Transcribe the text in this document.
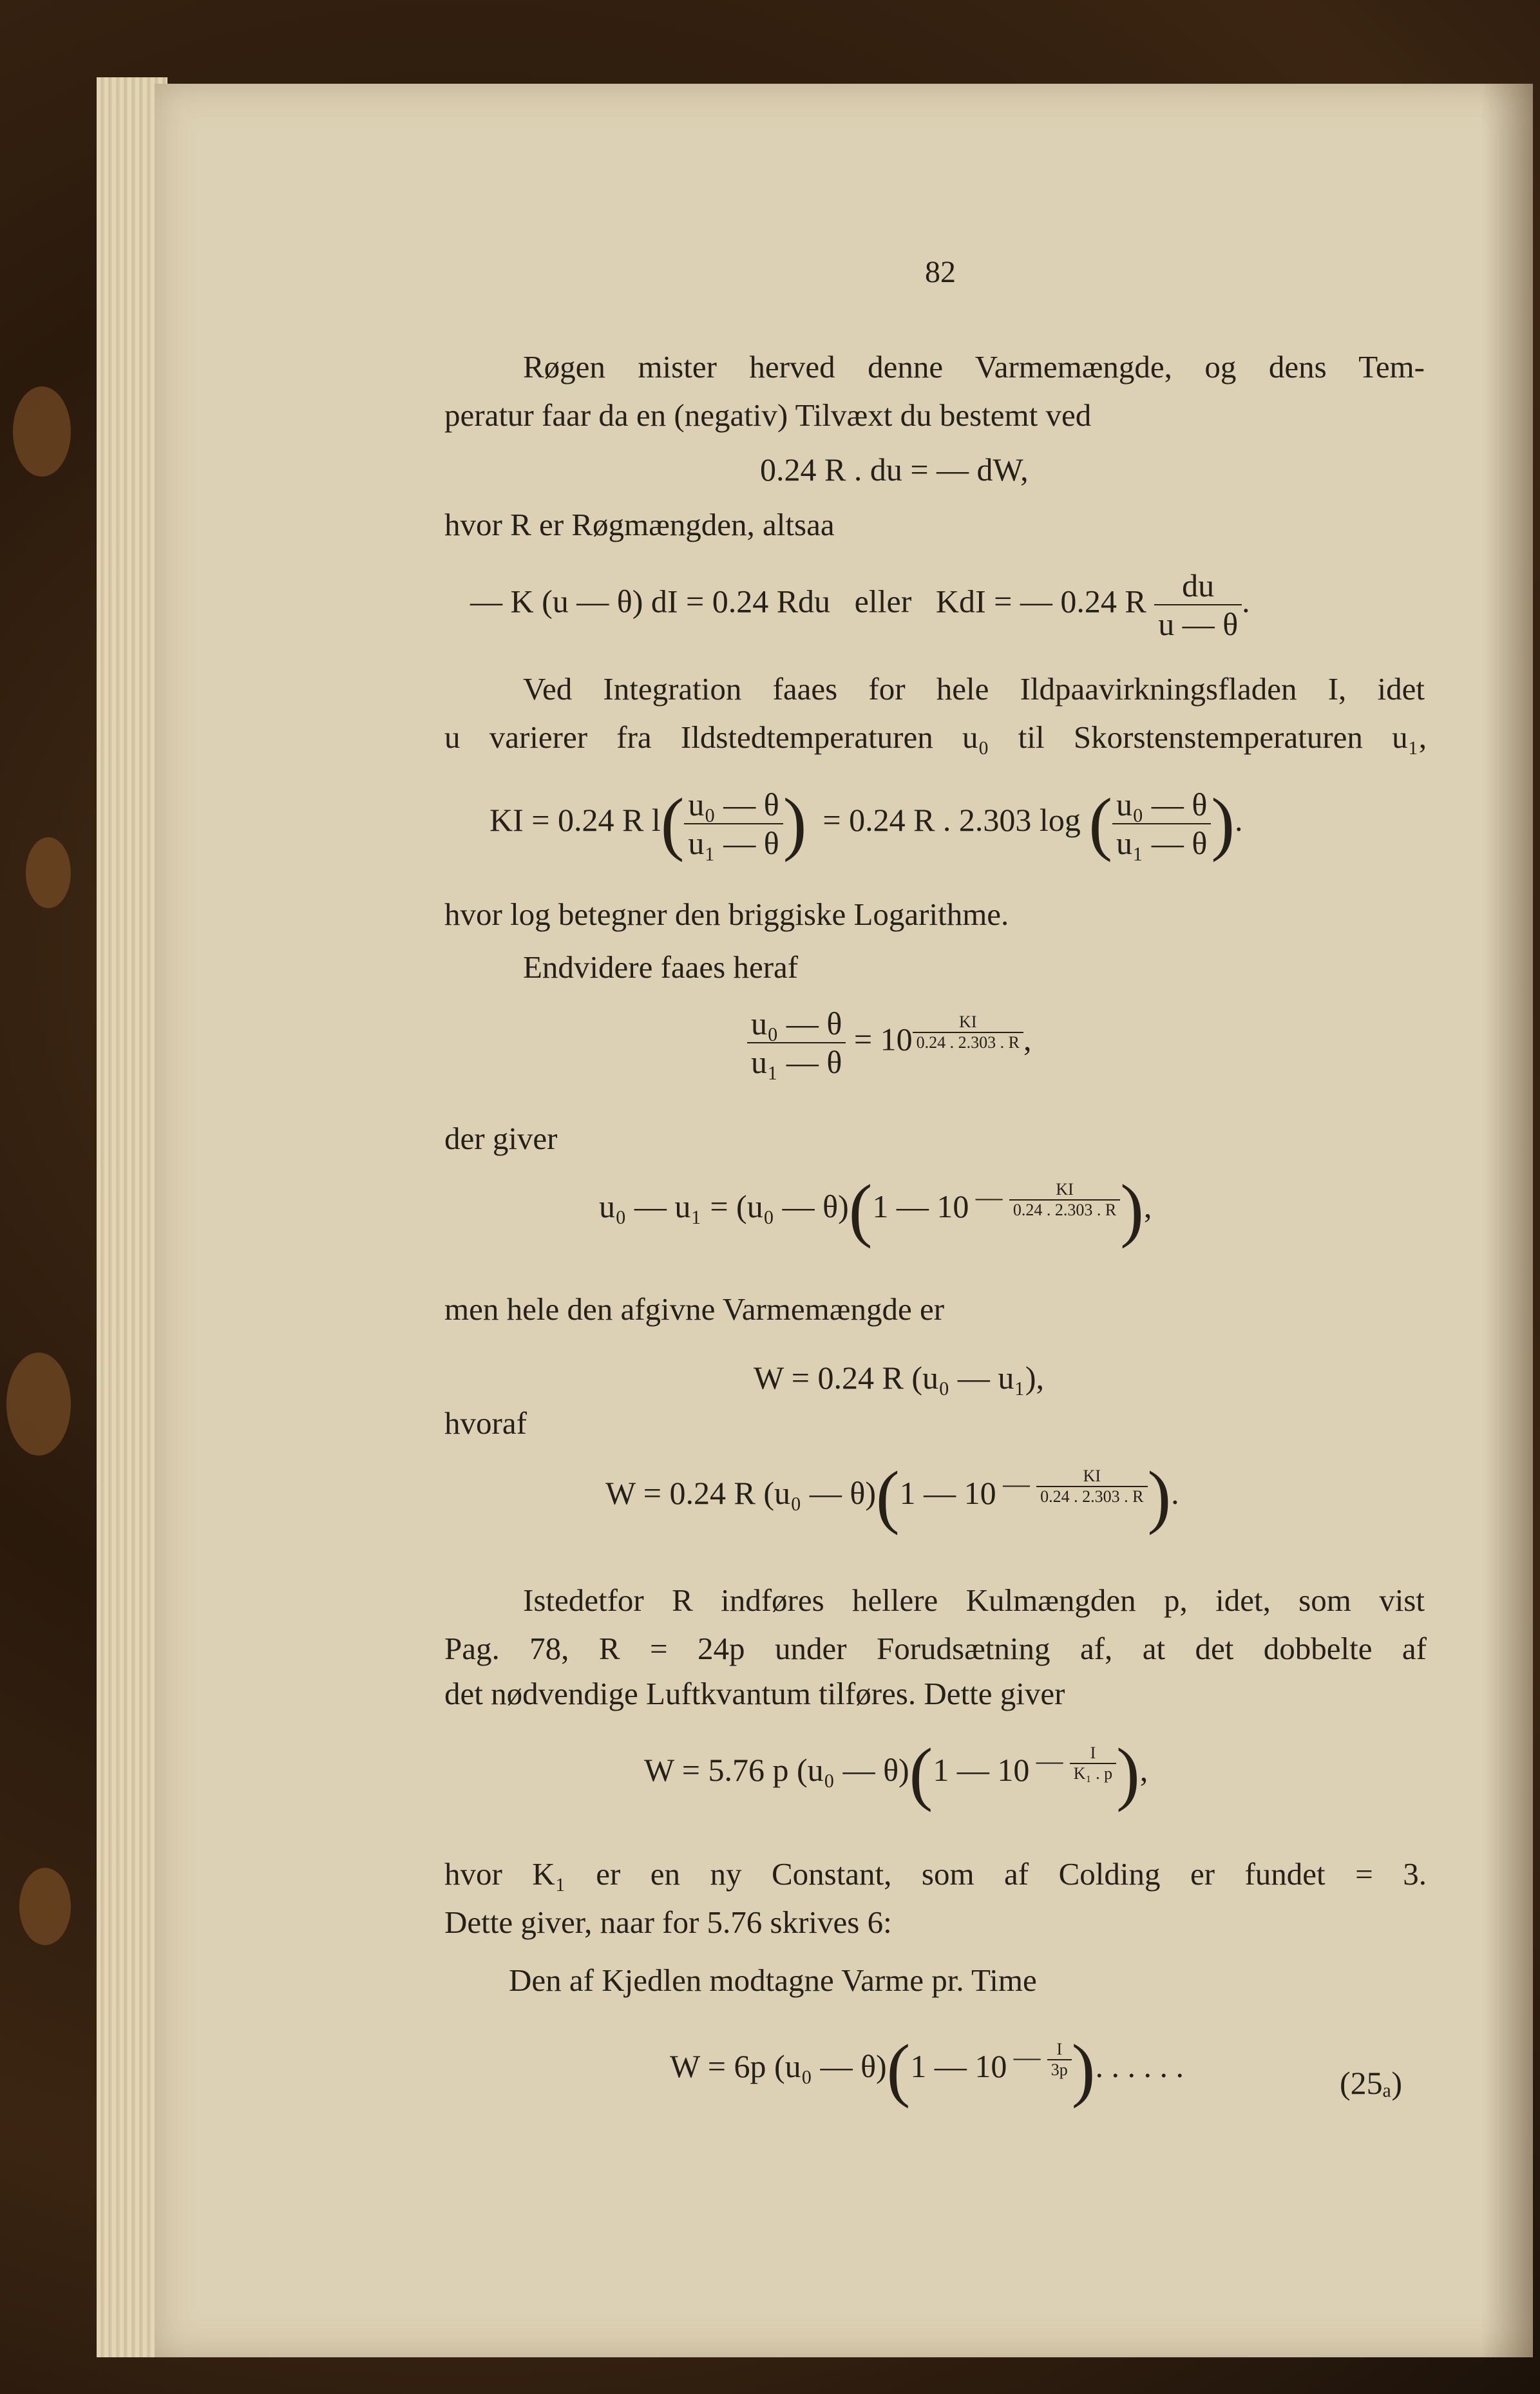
82
Røgen mister herved denne Varmemængde, og dens Tem-
peratur faar da en (negativ) Tilvæxt du bestemt ved
0.24 R . du = — dW,
hvor R er Røgmængden, altsaa
— K (u — θ) dI = 0.24 Rdu eller KdI = — 0.24 R $\frac{du}{u — \theta}$ .
Ved Integration faaes for hele Ildpaavirkningsfladen I, idet
u varierer fra Ildstedtemperaturen u₀ til Skorstenstemperaturen u₁,
KI = 0.24 R $l( \frac{\text{u₀ — θ}}{\text{u₁ — θ}}$ ) = 0.24 R . 2.303 log ( $\frac{\text{u₀ — θ}}{\text{u₁ — θ}}$ ).
hvor log betegner den briggiske Logarithme.
Endvidere faaes heraf
$\frac{\text{u₀ — θ}}{\text{u₁ — θ}} = 10$ $^{\frac{KI}{0.24 . 2.303 . R}}$ ,
der giver
u₀ — u₁ = (u₀ — θ)(1 — 10 $^{— \frac{KI}{0.24 . 2.303 . R}}$ ),
men hele den afgivne Varmemængde er
W = 0.24 R (u₀ — u₁),
hvoraf
W = 0.24 R (u₀ — θ)(1 — 10 $^{— \frac{KI}{0.24 . 2.303 . R}}$ ).
Istedetfor R indføres hellere Kulmængden p, idet, som vist
Pag. 78, R = 24p under Forudsætning af, at det dobbelte af
det nødvendige Luftkvantum tilføres. Dette giver
W = 5.76 p (u₀ — θ)(1 — 10 $^{— \frac{I}{\text{K₁ . p}}}$ ),
hvor K₁ er en ny Constant, som af Colding er fundet = 3.
Dette giver, naar for 5.76 skrives 6:
Den af Kjedlen modtagne Varme pr. Time
W = 6p (u₀ — θ)(1 — 10 $^{— \frac{I}{3p}}$ ). . . . . .	(25ₐ)
